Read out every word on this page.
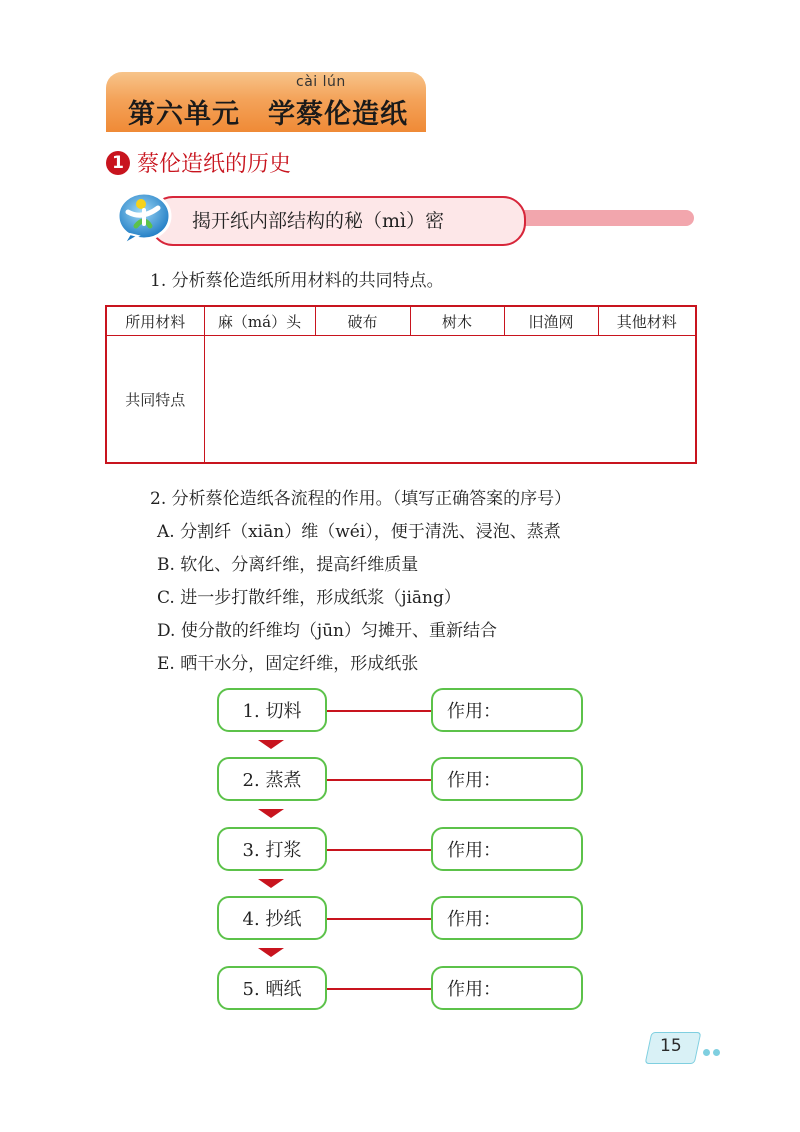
cài lún
第六单元　学蔡伦造纸
1 蔡伦造纸的历史
揭开纸内部结构的秘（mì）密
1. 分析蔡伦造纸所用材料的共同特点。
所用材料	麻（má）头	破布	树木	旧渔网	其他材料
共同特点					
2. 分析蔡伦造纸各流程的作用。（填写正确答案的序号）
A. 分割纤（xiān）维（wéi），便于清洗、浸泡、蒸煮
B. 软化、分离纤维，提高纤维质量
C. 进一步打散纤维，形成纸浆（jiāng）
D. 使分散的纤维均（jūn）匀摊开、重新结合
E. 晒干水分，固定纤维，形成纸张
1. 切料	作用：
2. 蒸煮	作用：
3. 打浆	作用：
4. 抄纸	作用：
5. 晒纸	作用：
15
